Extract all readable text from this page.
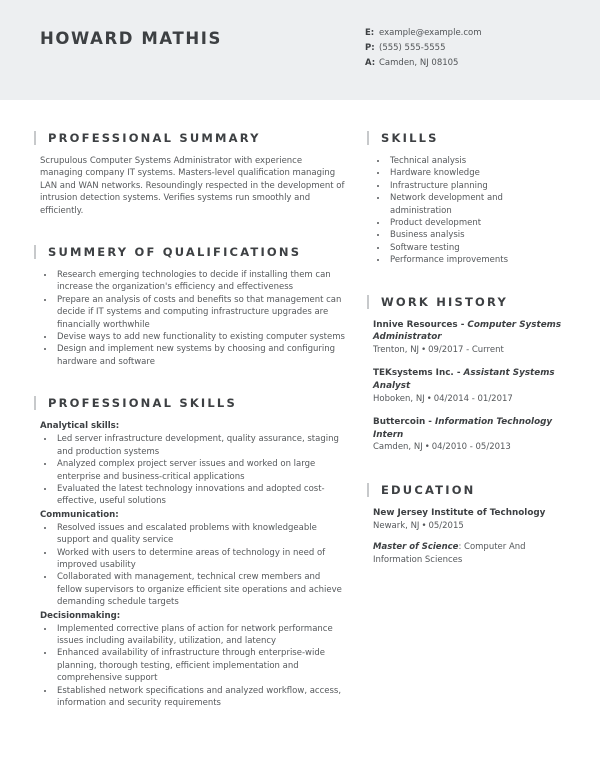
HOWARD MATHIS	E: example@example.com
P: (555) 555-5555
A: Camden, NJ 08105
PROFESSIONAL SUMMARY

Scrupulous Computer Systems Administrator with experience managing company IT systems. Masters-level qualification managing LAN and WAN networks. Resoundingly respected in the development of intrusion detection systems. Verifies systems run smoothly and efficiently.

SUMMERY OF QUALIFICATIONS
• Research emerging technologies to decide if installing them can increase the organization's efficiency and effectiveness
• Prepare an analysis of costs and benefits so that management can decide if IT systems and computing infrastructure upgrades are financially worthwhile
• Devise ways to add new functionality to existing computer systems
• Design and implement new systems by choosing and configuring hardware and software
PROFESSIONAL SKILLS
Analytical skills:
• Led server infrastructure development, quality assurance, staging and production systems
• Analyzed complex project server issues and worked on large enterprise and business-critical applications
• Evaluated the latest technology innovations and adopted cost-effective, useful solutions
Communication:
• Resolved issues and escalated problems with knowledgeable support and quality service
• Worked with users to determine areas of technology in need of improved usability
• Collaborated with management, technical crew members and fellow supervisors to organize efficient site operations and achieve demanding schedule targets
Decisionmaking:
• Implemented corrective plans of action for network performance issues including availability, utilization, and latency
• Enhanced availability of infrastructure through enterprise-wide planning, thorough testing, efficient implementation and comprehensive support
• Established network specifications and analyzed workflow, access, information and security requirements
SKILLS
• Technical analysis
• Hardware knowledge
• Infrastructure planning
• Network development and administration
• Product development
• Business analysis
• Software testing
• Performance improvements
WORK HISTORY
Innive Resources - Computer Systems Administrator
Trenton, NJ • 09/2017 - Current
TEKsystems Inc. - Assistant Systems Analyst
Hoboken, NJ • 04/2014 - 01/2017
Buttercoin - Information Technology Intern
Camden, NJ • 04/2010 - 05/2013
EDUCATION
New Jersey Institute of Technology
Newark, NJ • 05/2015
Master of Science: Computer And Information Sciences
